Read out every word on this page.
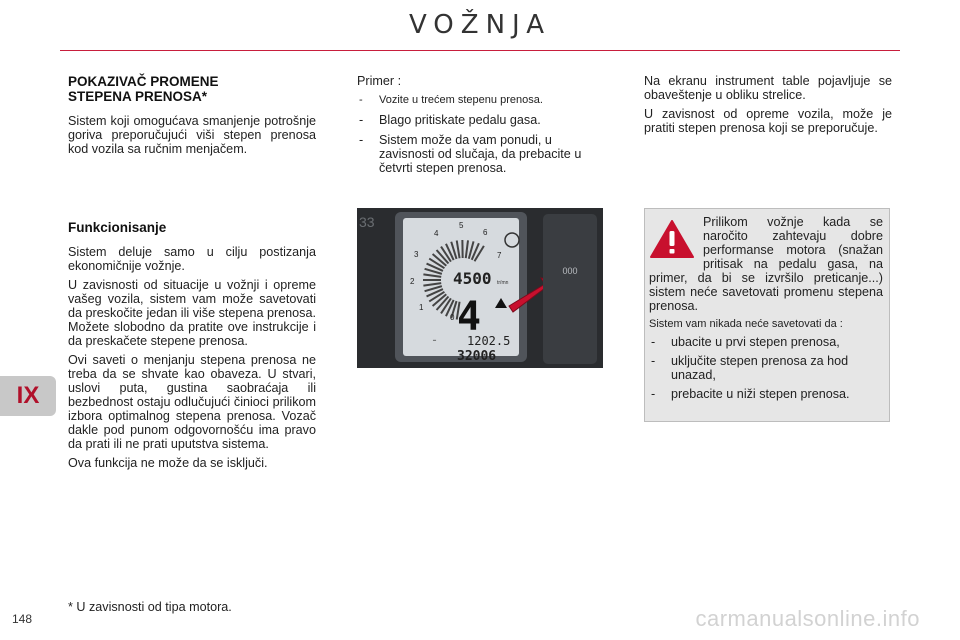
VOŽNJA
IX
148
POKAZIVAČ PROMENE
STEPENA PRENOSA*

Sistem koji omogućava smanjenje potrošnje goriva preporučujući viši stepen prenosa kod vozila sa ručnim menjačem.

Funkcionisanje

Sistem deluje samo u cilju postizanja ekonomičnije vožnje.

U zavisnosti od situacije u vožnji i opreme vašeg vozila, sistem vam može savetovati da preskočite jedan ili više stepena prenosa. Možete slobodno da pratite ove instrukcije i da preskačete stepene prenosa.

Ovi saveti o menjanju stepena prenosa ne treba da se shvate kao obaveza. U stvari, uslovi puta, gustina saobraćaja ili bezbednost ostaju odlučujući činioci prilikom izbora optimalnog stepena prenosa. Vozač dakle pod punom odgovornošću ima pravo da prati ili ne prati uputstva sistema.

Ova funkcija ne može da se isključi.

Primer :

- Vozite u trećem stepenu prenosa.
- Blago pritiskate pedalu gasa.
- Sistem može da vam ponudi, u zavisnosti od slučaja, da prebacite u četvrti stepen prenosa.

Na ekranu instrument table pojavljuje se obaveštenje u obliku strelice.

U zavisnost od opreme vozila, može je pratiti stepen prenosa koji se preporučuje.

33	5
6
4
3
2
1
0
7
4500 tr/mn
4
━	1202.5
32006
000

Prilikom vožnje kada se naročito zahtevaju dobre performanse motora (snažan pritisak na pedalu gasa, na primer, da bi se izvršilo preticanje...) sistem neće savetovati promenu stepena prenosa.

Sistem vam nikada neće savetovati da :

- ubacite u prvi stepen prenosa,
- uključite stepen prenosa za hod unazad,
- prebacite u niži stepen prenosa.
* U zavisnosti od tipa motora.	carmanualsonline.info
